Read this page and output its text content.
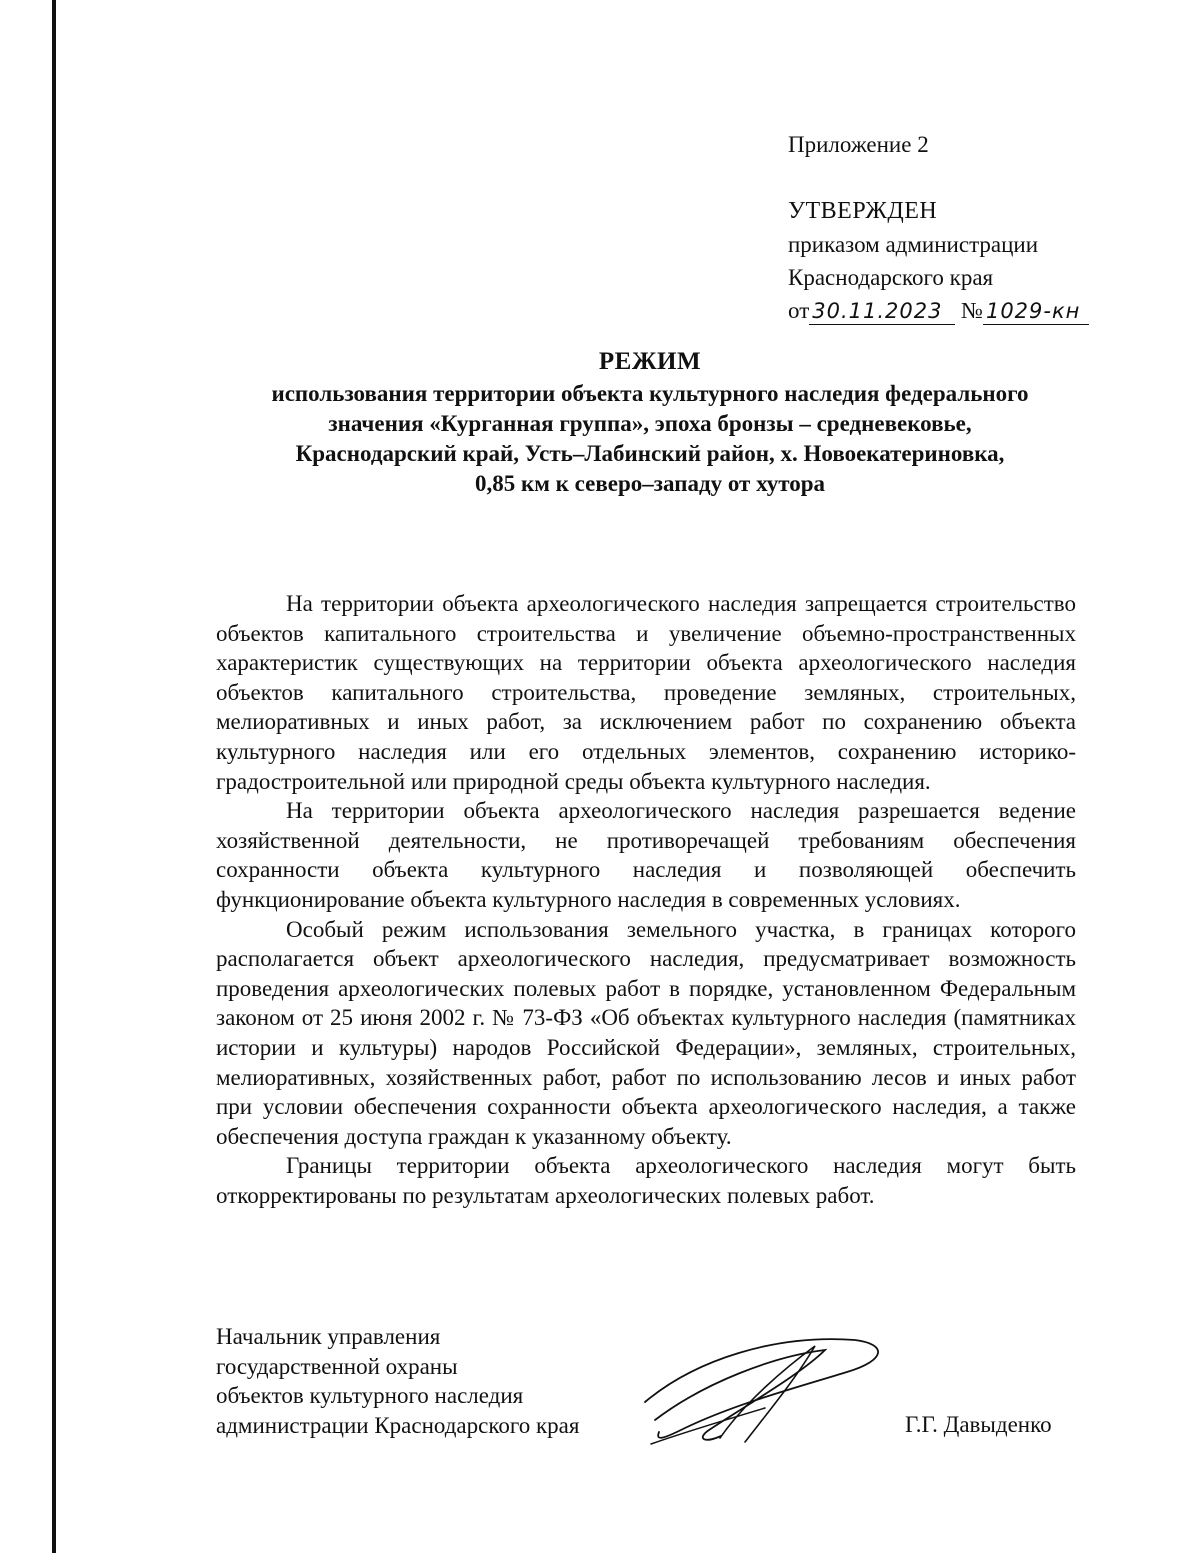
Приложение 2
УТВЕРЖДЕН
приказом администрации
Краснодарского края
от 30.11.2023 № 1029-кн
РЕЖИМ
использования территории объекта культурного наследия федерального
значения «Курганная группа», эпоха бронзы – средневековье,
Краснодарский край, Усть–Лабинский район, х. Новоекатериновка,
0,85 км к северо–западу от хутора

На территории объекта археологического наследия запрещается строительство объектов капитального строительства и увеличение объемно-пространственных характеристик существующих на территории объекта археологического наследия объектов капитального строительства, проведение земляных, строительных, мелиоративных и иных работ, за исключением работ по сохранению объекта культурного наследия или его отдельных элементов, сохранению историко-градостроительной или природной среды объекта культурного наследия.

На территории объекта археологического наследия разрешается ведение хозяйственной деятельности, не противоречащей требованиям обеспечения сохранности объекта культурного наследия и позволяющей обеспечить функционирование объекта культурного наследия в современных условиях.

Особый режим использования земельного участка, в границах которого располагается объект археологического наследия, предусматривает возможность проведения археологических полевых работ в порядке, установленном Федеральным законом от 25 июня 2002 г. № 73-ФЗ «Об объектах культурного наследия (памятниках истории и культуры) народов Российской Федерации», земляных, строительных, мелиоративных, хозяйственных работ, работ по использованию лесов и иных работ при условии обеспечения сохранности объекта археологического наследия, а также обеспечения доступа граждан к указанному объекту.

Границы территории объекта археологического наследия могут быть откорректированы по результатам археологических полевых работ.

Начальник управления
государственной охраны
объектов культурного наследия
администрации Краснодарского края	Г.Г. Давыденко
